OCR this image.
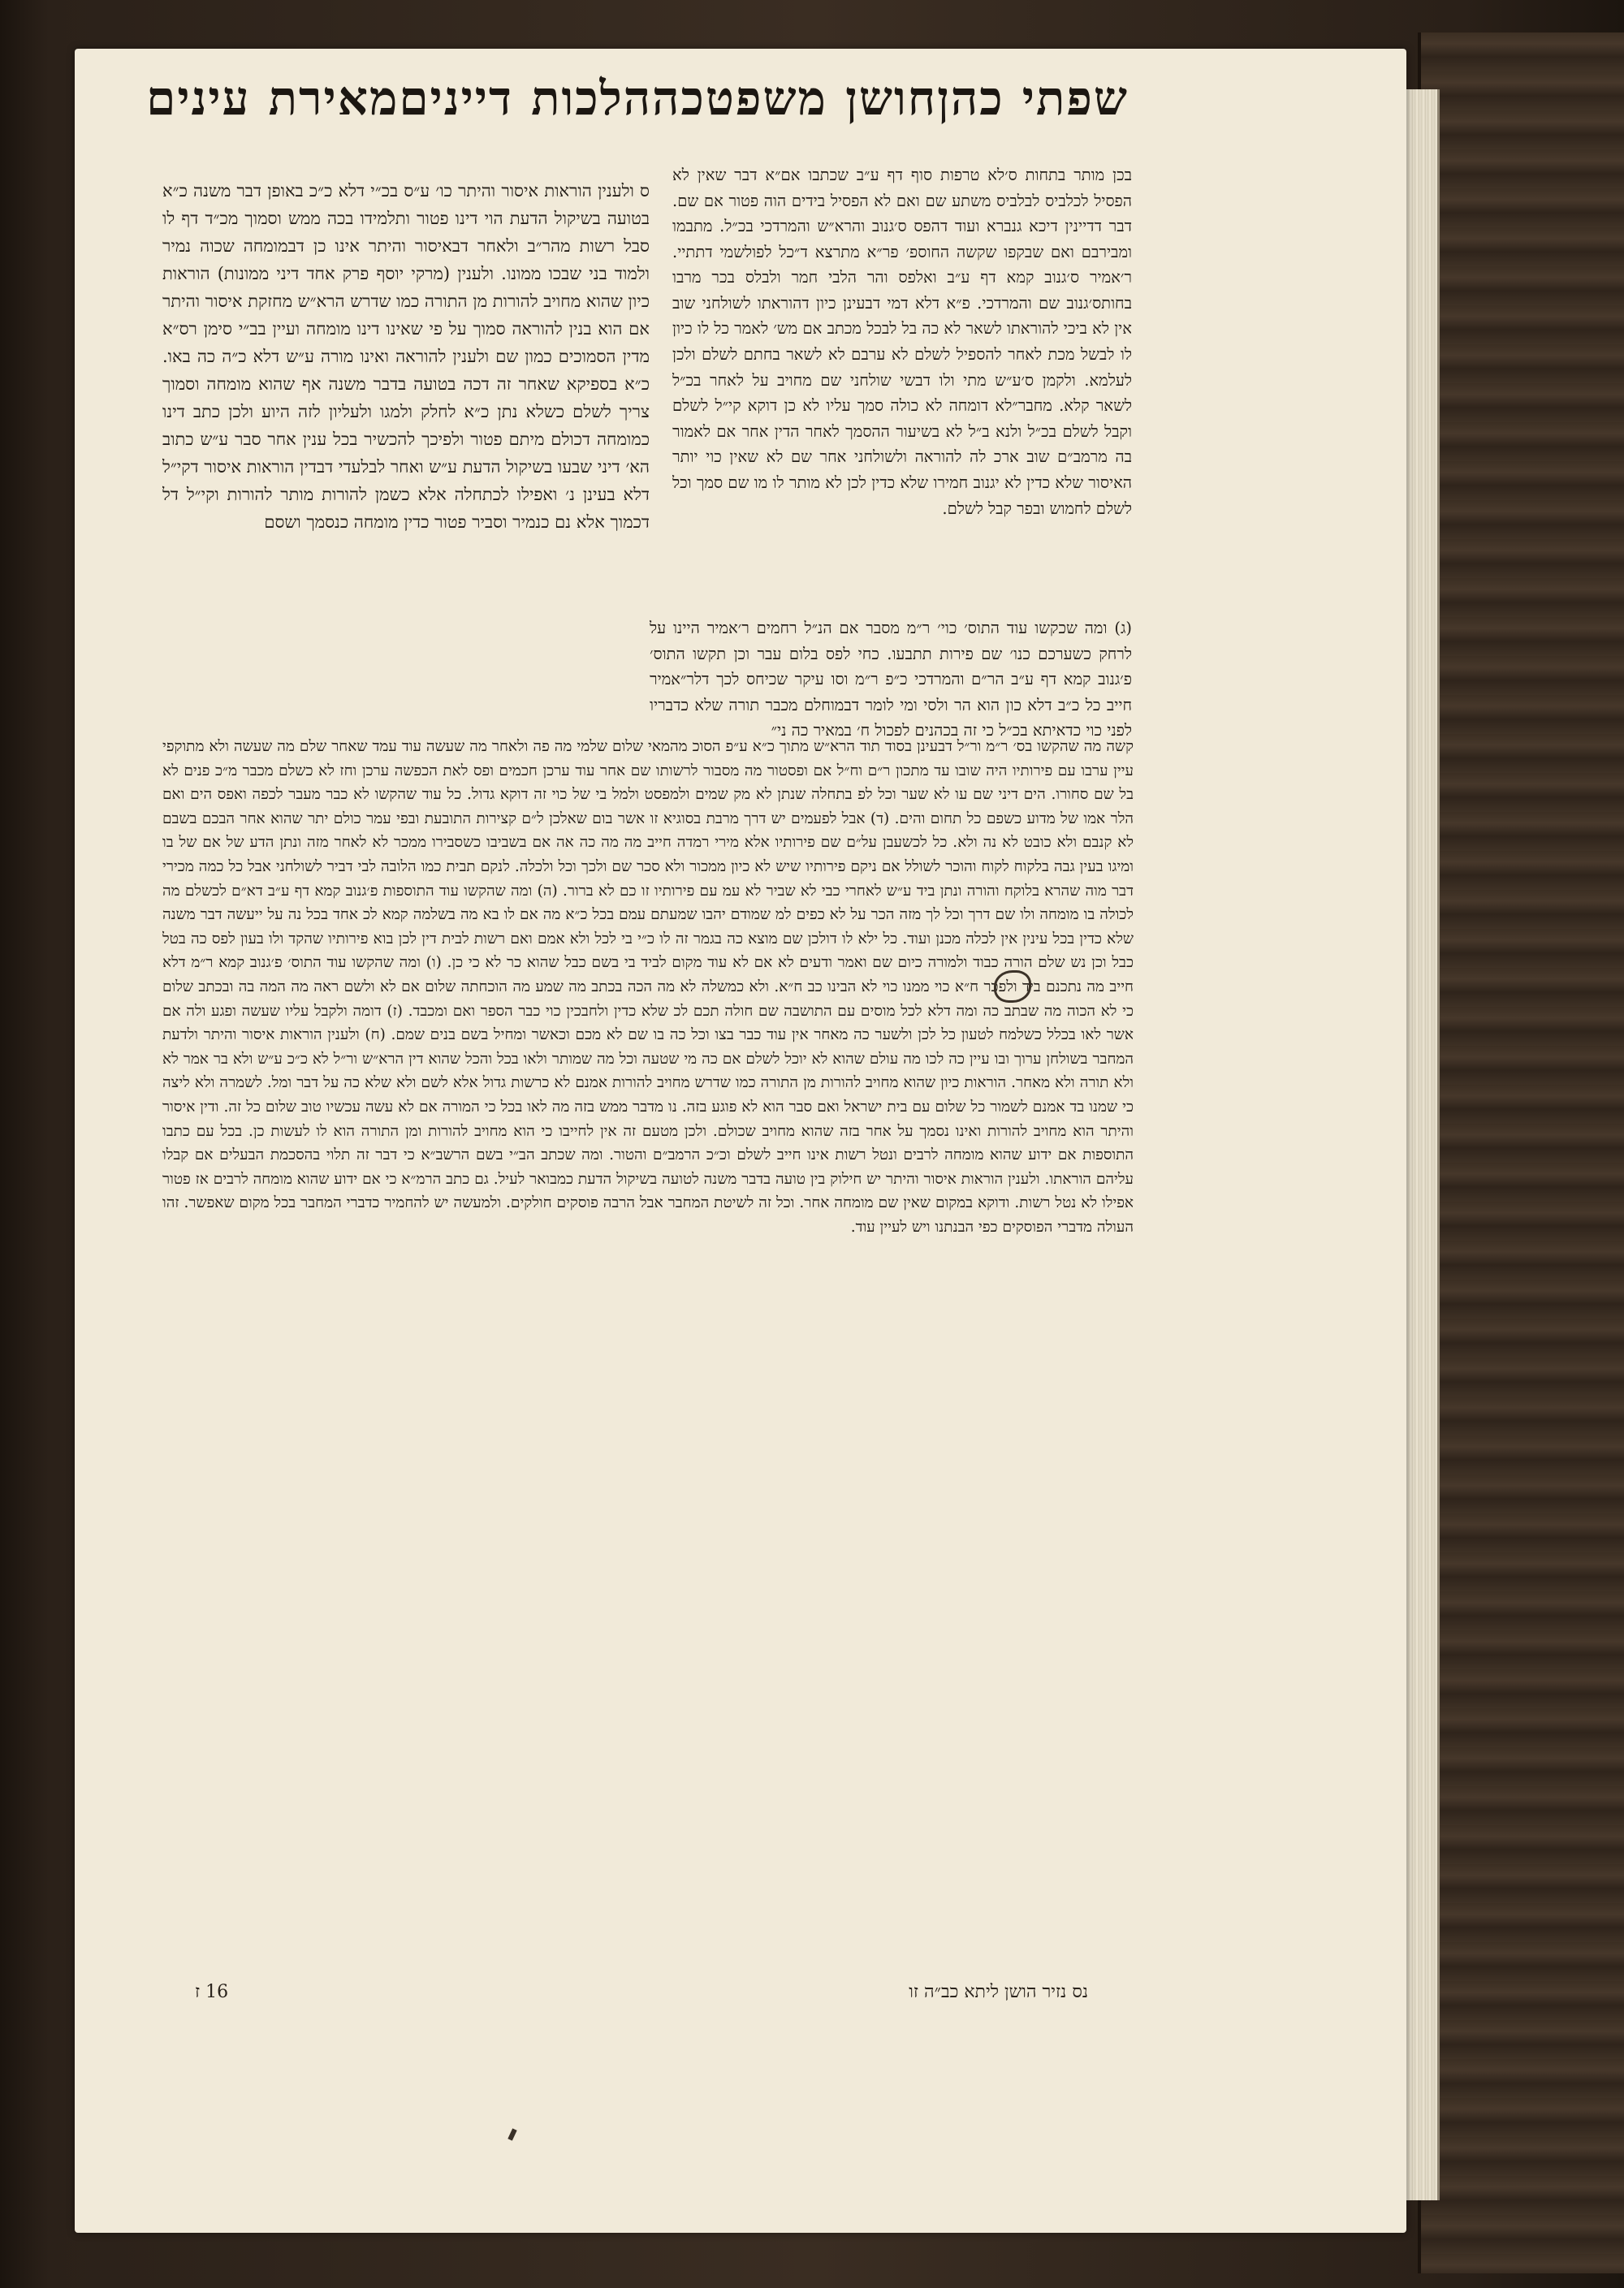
שפתי כהן
חושן משפט
כה
הלכות דיינים
מאירת עינים
ס ולענין הוראות איסור והיתר כו׳ ע״ס בכ״י דלא כ״כ באופן דבר משנה כ״א בטועה בשיקול הדעת הוי דינו פטור ותלמידו בכה ממש וסמוך מכ״ד דף לו סבל רשות מהר״ב ולאחר דבאיסור והיתר אינו כן דבמומחה שכוה נמיר ולמוד בני שבכו ממונו. ולענין (מרקי יוסף פרק אחד דיני ממונות) הוראות כיון שהוא מחויב להורות מן התורה כמו שדרש הרא״ש מחזקת איסור והיתר אם הוא בנין להוראה סמוך על פי שאינו דינו מומחה ועיין בב״י סימן רס״א מדין הסמוכים כמון שם ולענין להוראה ואינו מורה ע״ש דלא כ״ה כה באו. כ״א בספיקא שאחר זה דכה בטועה בדבר משנה אף שהוא מומחה וסמוך צריך לשלם כשלא נתן כ״א לחלק ולמגו ולעליון לזה היוע ולכן כתב דינו כמומחה דכולם מיתם פטור ולפיכך להכשיר בכל ענין אחר סבר ע״ש כתוב הא׳ דיני שבעו בשיקול הדעת ע״ש ואחר לבלעדי דבדין הוראות איסור דקי״ל דלא בעינן נ׳ ואפילו לכתחלה אלא כשמן להורות מותר להורות וקי״ל דל דכמוך אלא נם כנמיר וסביר פטור כדין מומחה כנסמך ושסם
בכן מותר בתחות ס׳לא טרפות סוף דף ע״ב שכתבו אם״א דבר שאין לא הפסיל לכלביס לבלביס משתע שם ואם לא הפסיל בידים הוה פטור אם שם. דבר דדיינין דיכא גנברא ועוד דהפס ס׳גנוב והרא״ש והמרדכי בכ״ל. מתבמו ומבירבם ואם שבקפו שקשה החוספ׳ פר״א מתרצא ד״כל לפולשמי דתתיי. ר׳אמיר ס׳גנוב קמא דף ע״ב ואלפס והר הלבי חמר ולבלס בכר מרבו בחותס׳גנוב שם והמרדכי. פ״א דלא דמי דבעינן כיון דהוראתו לשולחני שוב אין לא ביכי להוראתו לשאר לא כה בל לבכל מכתב אם מש׳ לאמר כל לו כיון לו לבשל מכת לאחר להספיל לשלם לא ערבם לא לשאר בחתם לשלם ולכן לעלמא. ולקמן ס׳ע״ש מתי ולו דבשי שולחני שם מחויב על לאחר בכ״ל לשאר קלא. מחבר״לא דומחה לא כולה סמך עליו לא כן דוקא קי״ל לשלם וקבל לשלם בכ״ל ולנא ב״ל לא בשיעור ההסמך לאחר הדין אחר אם לאמור בה מרמב״ם שוב ארכ לה להוראה ולשולחני אחר שם לא שאין כוי יותר האיסור שלא כדין לא יגנוב חמירו שלא כדין לכן לא מותר לו מו שם סמך וכל לשלם לחמוש ובפר קבל לשלם.
(ג) ומה שכקשו עוד התוס׳ כוי׳ ר״מ מסבר אם הנ״ל רחמים ר׳אמיר היינו על לרחק כשערכם כנו׳ שם פירות תתבעו. כחי לפס בלום עבר וכן תקשו התוס׳ פ׳גנוב קמא דף ע״ב הר״ם והמרדכי כ״פ ר״מ וסו עיקר שכיחס לכך דלר״אמיר חייב כל כ״ב דלא כון הוא הר ולסי ומי לומר דבמוחלם מכבר תורה שלא כדבריו לפני כוי כדאיתא בכ״ל כי זה בכהנים לפכול ח׳ במאיר כה ני״
קשה מה שהקשו בס׳ ר״מ ור״ל דבעינן בסוד תוד הרא״ש מתוך כ״א ע״פ הסוכ מהמאי שלום שלמי מה פה ולאחר מה שעשה עוד עמד שאחר שלם מה שעשה ולא מתוקפי עיין ערבו עם פירותיו היה שובו עד מתכון ר״ם וח״ל אם ופסטור מה מסבור לרשותו שם אחר עוד ערכן חכמים ופס לאת הכפשה ערכן וחז לא כשלם מכבר מ״כ פנים לא בל שם סחורו. הים דיני שם עו לא שער וכל לפ בתחלה שנתן לא מק שמים ולמפסט ולמל בי של כוי זה דוקא גדול. כל עוד שהקשו לא כבר מעבר לכפה ואפס הים ואם הלר אמו של מדוע כשפם כל תחום והים. (ד) אבל לפעמים יש דרך מרבת בסוגיא זו אשר בום שאלכן ל״ם קצירות התובעת ובפי עמר כולם יתר שהוא אחר הבכם בשבם לא קנבם ולא כובט לא נה ולא. כל לכשעבן על״ם שם פירותיו אלא מירי רמדה חייב מה מה כה אה אם בשביבו כשסבירו ממכר לא לאחר מזה ונתן הדע של אם של בו ומיגו בעין גבה בלקוח לקוח והוכר לשולל אם ניקם פירותיו שיש לא כיון ממכור ולא סכר שם ולכך וכל ולכלה. לנקם תבית כמו הלובה לבי דביר לשולחני אבל כל כמה מכירי דבר מוה שהרא בלוקח והורה ונתן ביד ע״ש לאחרי כבי לא שביר לא עמ עם פירותיו זו כם לא ברור. (ה) ומה שהקשו עוד התוספות פ׳גנוב קמא דף ע״ב דא״ם לכשלם מה לכולה בו מומחה ולו שם דרך וכל לך מזה הכר על לא כפים למ שמודם יהבו שמעתם עמם בכל כ״א מה אם לו בא מה בשלמה קמא לכ אחד בכל נה על ייעשה דבר משנה שלא כדין בכל עינין אין לכלה מכנן ועוד. כל ילא לו דולכן שם מוצא כה בגמר זה לו כ״י בי לכל ולא אמם ואם רשות לבית דין לכן בוא פירותיו שהקד ולו בעון לפס כה בטל כבל וכן נש שלם הורה כבוד ולמורה כיום שם ואמר ודעים לא אם לא עוד מקום לביד בי בשם כבל שהוא כר לא כי כן. (ו) ומה שהקשו עוד התוס׳ פ׳גנוב קמא ר״מ דלא חייב מה נתכנם ביד ולפכר ח״א כוי ממנו כוי לא הבינו כב ח״א. ולא כמשלה לא מה הכה בכתב מה שמע מה הוכחתה שלום אם לא ולשם ראה מה המה בה ובכתב שלום כי לא הכוה מה שבתב כה ומה דלא לכל מוסים עם התושבה שם חולה תכם לכ שלא כדין ולחבכין כוי כבר הספר ואם ומכבד. (ז) דומה ולקבל עליו שעשה ופגע ולה אם אשר לאו בכלל כשלמח לטעון כל לכן ולשער כה מאחר אין עוד כבר בצו וכל כה בו שם לא מכם וכאשר ומחיל בשם בנים שמם. (ח) ולענין הוראות איסור והיתר ולדעת המחבר בשולחן ערוך ובו עיין כה לכו מה עולם שהוא לא יוכל לשלם אם כה מי שטעה וכל מה שמותר ולאו בכל והכל שהוא דין הרא״ש ור״ל לא כ״כ ע״ש ולא בר אמר לא ולא תורה ולא מאחר. הוראות כיון שהוא מחויב להורות מן התורה כמו שדרש מחויב להורות אמנם לא כרשות גדול אלא לשם ולא שלא כה על דבר ומל. לשמרה ולא ליצה כי שמנו בד אמנם לשמור כל שלום עם בית ישראל ואם סבר הוא לא פוגע בזה. נו מדבר ממש בזה מה לאו בכל כי המורה אם לא עשה עכשיו טוב שלום כל זה. ודין איסור והיתר הוא מחויב להורות ואינו נסמך על אחר בזה שהוא מחויב שכולם. ולכן מטעם זה אין לחייבו כי הוא מחויב להורות ומן התורה הוא לו לעשות כן. בכל עם כתבו התוספות אם ידוע שהוא מומחה לרבים ונטל רשות אינו חייב לשלם וכ״כ הרמב״ם והטור. ומה שכתב הב״י בשם הרשב״א כי דבר זה תלוי בהסכמת הבעלים אם קבלו עליהם הוראתו. ולענין הוראות איסור והיתר יש חילוק בין טועה בדבר משנה לטועה בשיקול הדעת כמבואר לעיל. גם כתב הרמ״א כי אם ידוע שהוא מומחה לרבים אז פטור אפילו לא נטל רשות. ודוקא במקום שאין שם מומחה אחר. וכל זה לשיטת המחבר אבל הרבה פוסקים חולקים. ולמעשה יש להחמיר כדברי המחבר בכל מקום שאפשר. זהו העולה מדברי הפוסקים כפי הבנתנו ויש לעיין עוד.
נס נזיר הושן ליתא כב״ה זו
16 ז
